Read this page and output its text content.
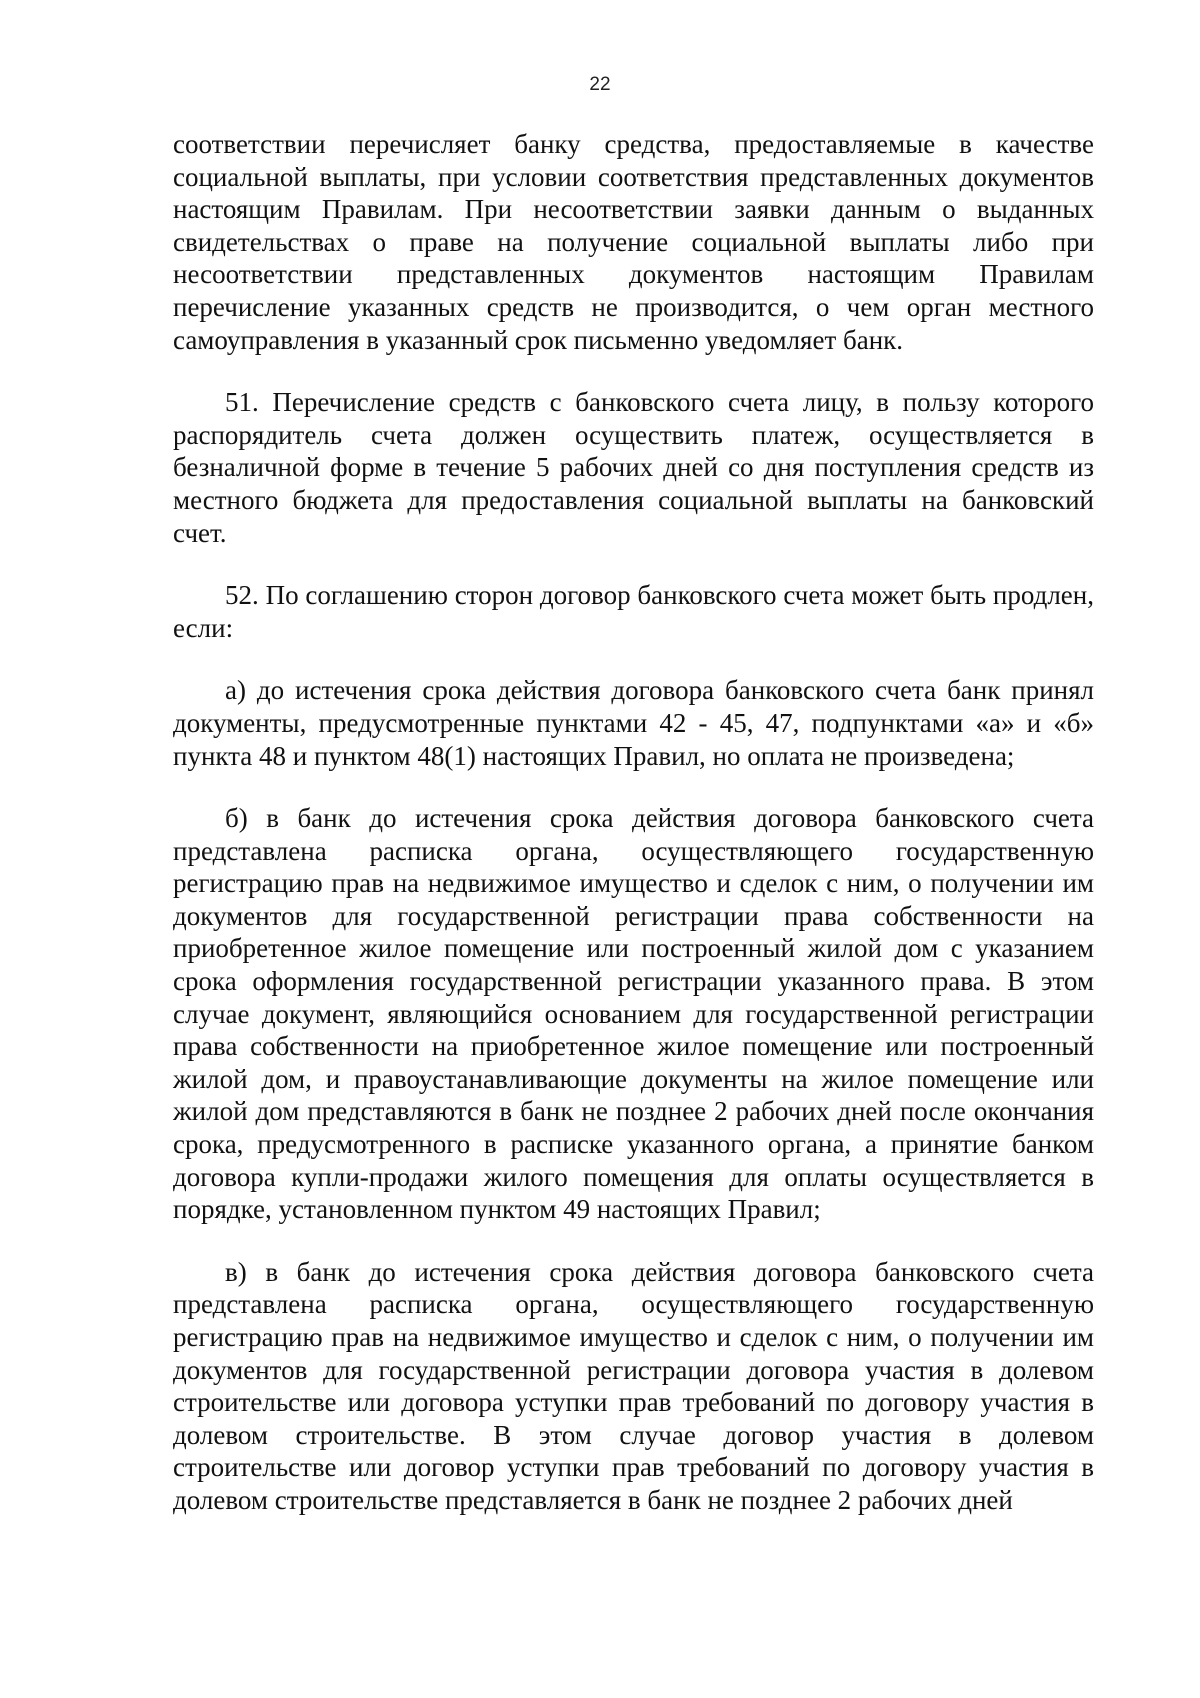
22

соответствии перечисляет банку средства, предоставляемые в качестве социальной выплаты, при условии соответствия представленных документов настоящим Правилам. При несоответствии заявки данным о выданных свидетельствах о праве на получение социальной выплаты либо при несоответствии представленных документов настоящим Правилам перечисление указанных средств не производится, о чем орган местного самоуправления в указанный срок письменно уведомляет банк.

51. Перечисление средств с банковского счета лицу, в пользу которого распорядитель счета должен осуществить платеж, осуществляется в безналичной форме в течение 5 рабочих дней со дня поступления средств из местного бюджета для предоставления социальной выплаты на банковский счет.

52. По соглашению сторон договор банковского счета может быть продлен, если:

а) до истечения срока действия договора банковского счета банк принял документы, предусмотренные пунктами 42 - 45, 47, подпунктами «а» и «б» пункта 48 и пунктом 48(1) настоящих Правил, но оплата не произведена;

б) в банк до истечения срока действия договора банковского счета представлена расписка органа, осуществляющего государственную регистрацию прав на недвижимое имущество и сделок с ним, о получении им документов для государственной регистрации права собственности на приобретенное жилое помещение или построенный жилой дом с указанием срока оформления государственной регистрации указанного права. В этом случае документ, являющийся основанием для государственной регистрации права собственности на приобретенное жилое помещение или построенный жилой дом, и правоустанавливающие документы на жилое помещение или жилой дом представляются в банк не позднее 2 рабочих дней после окончания срока, предусмотренного в расписке указанного органа, а принятие банком договора купли-продажи жилого помещения для оплаты осуществляется в порядке, установленном пунктом 49 настоящих Правил;

в) в банк до истечения срока действия договора банковского счета представлена расписка органа, осуществляющего государственную регистрацию прав на недвижимое имущество и сделок с ним, о получении им документов для государственной регистрации договора участия в долевом строительстве или договора уступки прав требований по договору участия в долевом строительстве. В этом случае договор участия в долевом строительстве или договор уступки прав требований по договору участия в долевом строительстве представляется в банк не позднее 2 рабочих дней
